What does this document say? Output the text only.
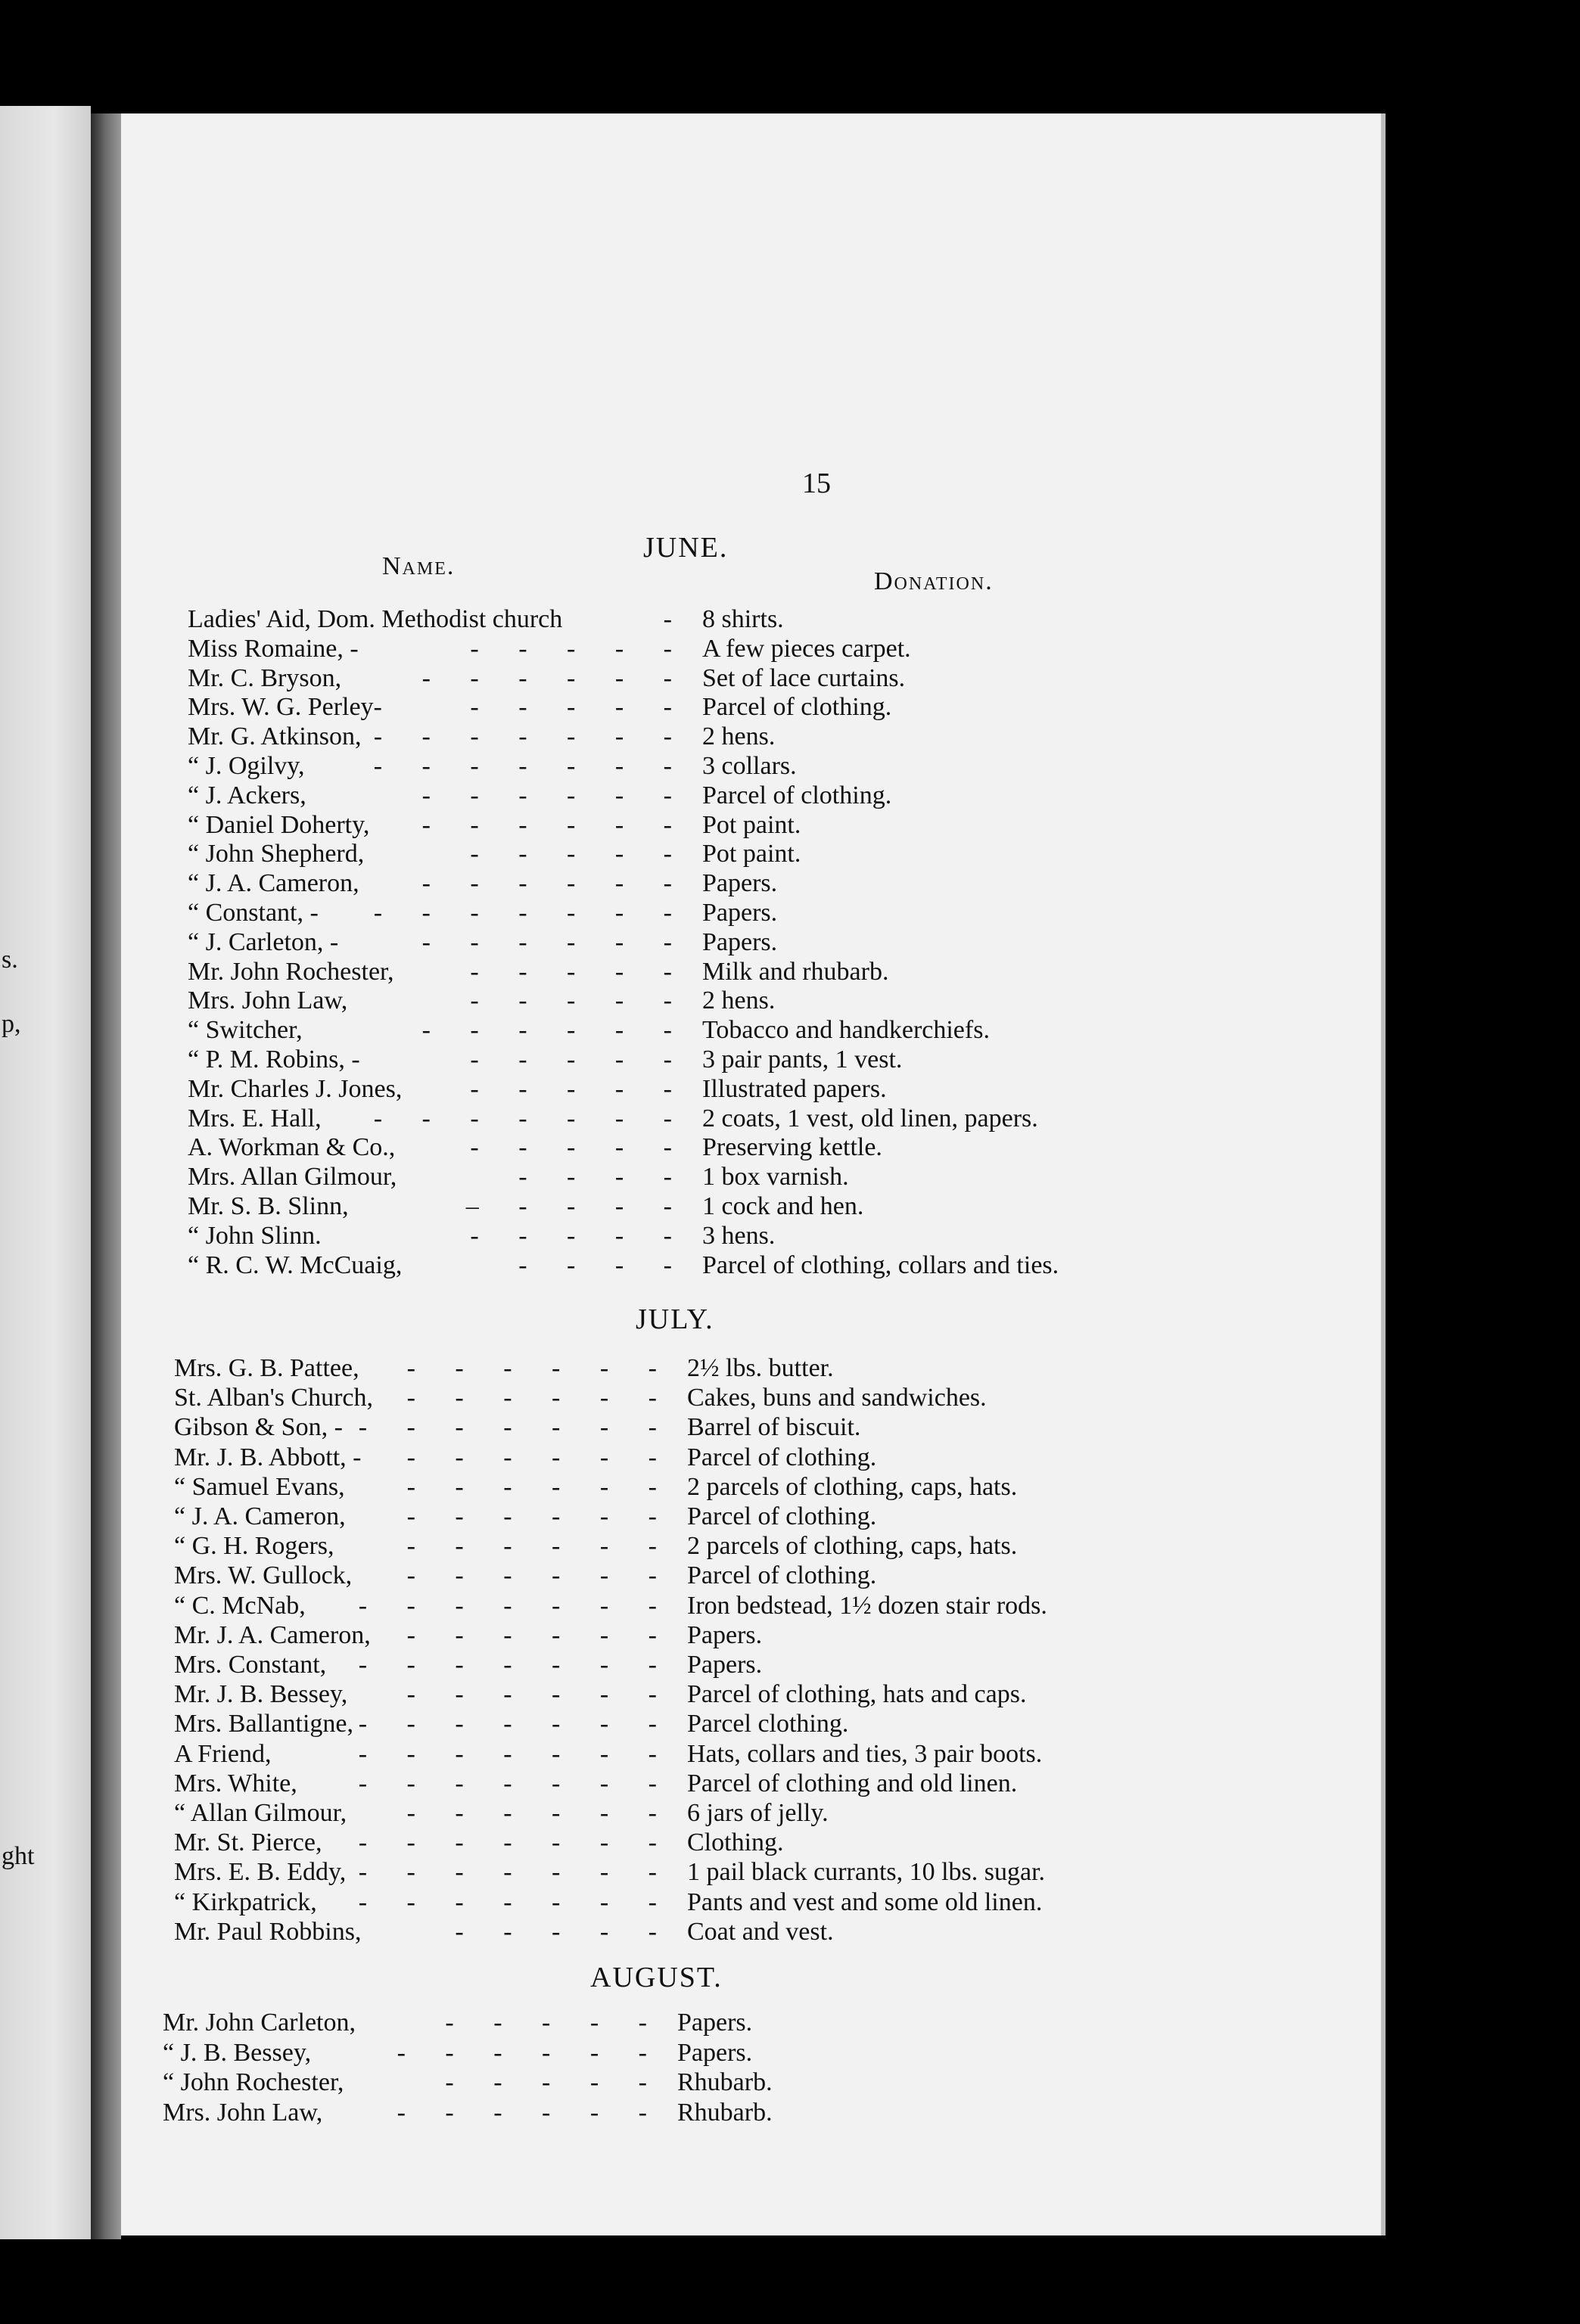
s.
p,
ght
15
JUNE.
Name.
Donation.
JULY.
AUGUST.
Ladies' Aid, Dom. Methodist church	- 8 shirts.
Miss Romaine, -	- - - - - A few pieces carpet.
Mr. C. Bryson,	- - - - - - Set of lace curtains.
Mrs. W. G. Perley-	- - - - - Parcel of clothing.
Mr. G. Atkinson, - - - - - - - 2 hens.
“ J. Ogilvy,	- - - - - - - 3 collars.
“ J. Ackers,	- - - - - - Parcel of clothing.
“ Daniel Doherty, - - - - - - Pot paint.
“ John Shepherd,	- - - - - Pot paint.
“ J. A. Cameron, - - - - - - Papers.
“ Constant, - - - - - - - - Papers.
“ J. Carleton, -	- - - - - - Papers.
Mr. John Rochester,	- - - - - Milk and rhubarb.
Mrs. John Law,	- - - - - 2 hens.
“ Switcher,	- - - - - - Tobacco and handkerchiefs.
“ P. M. Robins, -	- - - - - 3 pair pants, 1 vest.
Mr. Charles J. Jones,	- - - - - Illustrated papers.
Mrs. E. Hall, - - - - - - - 2 coats, 1 vest, old linen, papers.
A. Workman & Co.,	- - - - - Preserving kettle.
Mrs. Allan Gilmour,	- - - - 1 box varnish.
Mr. S. B. Slinn,	– - - - - 1 cock and hen.
“ John Slinn.	- - - - - 3 hens.
“ R. C. W. McCuaig,	- - - - Parcel of clothing, collars and ties.
Mrs. G. B. Pattee, - - - - - - 2½ lbs. butter.
St. Alban's Church, - - - - - - Cakes, buns and sandwiches.
Gibson & Son, - - - - - - - - Barrel of biscuit.
Mr. J. B. Abbott, - - - - - - - Parcel of clothing.
“ Samuel Evans, - - - - - - 2 parcels of clothing, caps, hats.
“ J. A. Cameron, - - - - - - Parcel of clothing.
“ G. H. Rogers,	- - - - - - 2 parcels of clothing, caps, hats.
Mrs. W. Gullock, - - - - - - Parcel of clothing.
“ C. McNab, - - - - - - - Iron bedstead, 1½ dozen stair rods.
Mr. J. A. Cameron, - - - - - - Papers.
Mrs. Constant, - - - - - - - Papers.
Mr. J. B. Bessey, - - - - - - Parcel of clothing, hats and caps.
Mrs. Ballantigne, - - - - - - - Parcel clothing.
A Friend,	- - - - - - - Hats, collars and ties, 3 pair boots.
Mrs. White, - - - - - - - Parcel of clothing and old linen.
“ Allan Gilmour, - - - - - - 6 jars of jelly.
Mr. St. Pierce, - - - - - - - Clothing.
Mrs. E. B. Eddy, - - - - - - - 1 pail black currants, 10 lbs. sugar.
“ Kirkpatrick, - - - - - - - Pants and vest and some old linen.
Mr. Paul Robbins,	- - - - - Coat and vest.
Mr. John Carleton,	- - - - - Papers.
“ J. B. Bessey,	- - - - - - Papers.
“ John Rochester,	- - - - - Rhubarb.
Mrs. John Law,	- - - - - - Rhubarb.
